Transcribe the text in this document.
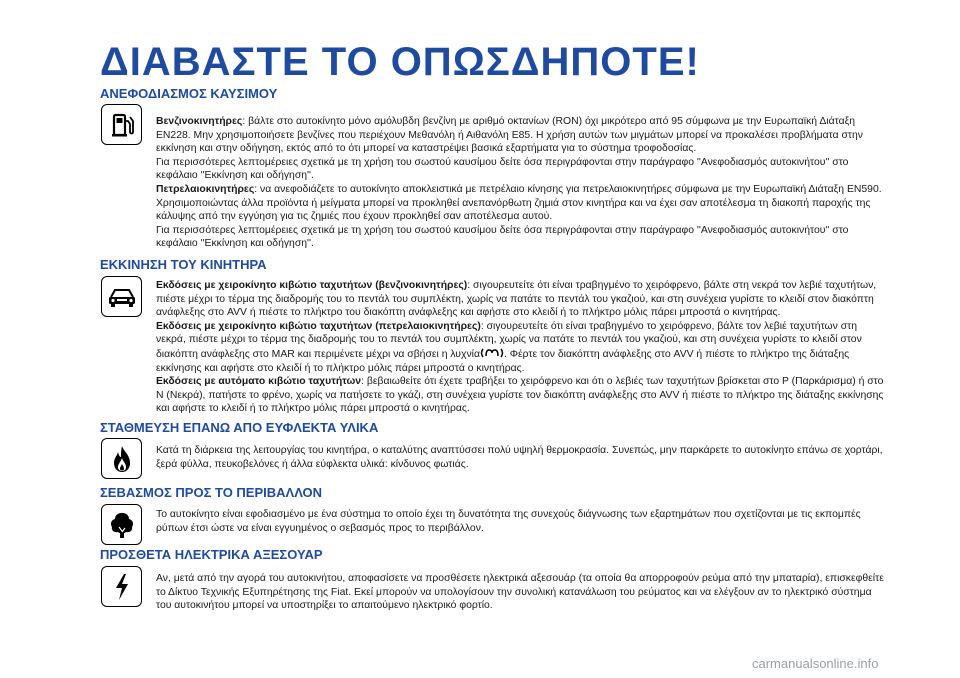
ΔΙΑΒΑΣΤΕ ΤΟ ΟΠΩΣΔΗΠΟΤΕ!
ΑΝΕΦΟΔΙΑΣΜΟΣ ΚΑΥΣΙΜΟΥ

Βενζινοκινητήρες: βάλτε στο αυτοκίνητο μόνο αμόλυβδη βενζίνη με αριθμό οκτανίων (RON) όχι μικρότερο από 95 σύμφωνα με την Ευρωπαϊκή Διάταξη EN228. Μην χρησιμοποιήσετε βενζίνες που περιέχουν Μεθανόλη ή Αιθανόλη E85. Η χρήση αυτών των μιγμάτων μπορεί να προκαλέσει προβλήματα στην εκκίνηση και στην οδήγηση, εκτός από το ότι μπορεί να καταστρέψει βασικά εξαρτήματα για το σύστημα τροφοδοσίας.

Για περισσότερες λεπτομέρειες σχετικά με τη χρήση του σωστού καυσίμου δείτε όσα περιγράφονται στην παράγραφο ''Ανεφοδιασμός αυτοκινήτου'' στο κεφάλαιο ''Εκκίνηση και οδήγηση''.

Πετρελαιοκινητήρες: να ανεφοδιάζετε το αυτοκίνητο αποκλειστικά με πετρέλαιο κίνησης για πετρελαιοκινητήρες σύμφωνα με την Ευρωπαϊκή Διάταξη EN590. Χρησιμοποιώντας άλλα προϊόντα ή μείγματα μπορεί να προκληθεί ανεπανόρθωτη ζημιά στον κινητήρα και να έχει σαν αποτέλεσμα τη διακοπή παροχής της κάλυψης από την εγγύηση για τις ζημιές που έχουν προκληθεί σαν αποτέλεσμα αυτού.

Για περισσότερες λεπτομέρειες σχετικά με τη χρήση του σωστού καυσίμου δείτε όσα περιγράφονται στην παράγραφο ''Ανεφοδιασμός αυτοκινήτου'' στο κεφάλαιο ''Εκκίνηση και οδήγηση''.

ΕΚΚΙΝΗΣΗ ΤΟΥ ΚΙΝΗΤΗΡΑ

Εκδόσεις με χειροκίνητο κιβώτιο ταχυτήτων (βενζινοκινητήρες): σιγουρευτείτε ότι είναι τραβηγμένο το χειρόφρενο, βάλτε στη νεκρά τον λεβιέ ταχυτήτων, πιέστε μέχρι το τέρμα της διαδρομής του το πεντάλ του συμπλέκτη, χωρίς να πατάτε το πεντάλ του γκαζιού, και στη συνέχεια γυρίστε το κλειδί στον διακόπτη ανάφλεξης στο AVV ή πιέστε το πλήκτρο του διακόπτη ανάφλεξης και αφήστε στο κλειδί ή το πλήκτρο μόλις πάρει μπροστά ο κινητήρας.

Εκδόσεις με χειροκίνητο κιβώτιο ταχυτήτων (πετρελαιοκινητήρες): σιγουρευτείτε ότι είναι τραβηγμένο το χειρόφρενο, βάλτε τον λεβιέ ταχυτήτων στη νεκρά, πιέστε μέχρι το τέρμα της διαδρομής του το πεντάλ του συμπλέκτη, χωρίς να πατάτε το πεντάλ του γκαζιού, και στη συνέχεια γυρίστε το κλειδί στον διακόπτη ανάφλεξης στο MAR και περιμένετε μέχρι να σβήσει η λυχνία . Φέρτε τον διακόπτη ανάφλεξης στο AVV ή πιέστε το πλήκτρο της διάταξης εκκίνησης και αφήστε στο κλειδί ή το πλήκτρο μόλις πάρει μπροστά ο κινητήρας.

Εκδόσεις με αυτόματο κιβώτιο ταχυτήτων: βεβαιωθείτε ότι έχετε τραβήξει το χειρόφρενο και ότι ο λεβιές των ταχυτήτων βρίσκεται στο P (Παρκάρισμα) ή στο N (Νεκρά), πατήστε το φρένο, χωρίς να πατήσετε το γκάζι, στη συνέχεια γυρίστε τον διακόπτη ανάφλεξης στο AVV ή πιέστε το πλήκτρο της διάταξης εκκίνησης και αφήστε το κλειδί ή το πλήκτρο μόλις πάρει μπροστά ο κινητήρας.

ΣΤΑΘΜΕΥΣΗ ΕΠΑΝΩ ΑΠΟ ΕΥΦΛΕΚΤΑ ΥΛΙΚΑ

Κατά τη διάρκεια της λειτουργίας του κινητήρα, ο καταλύτης αναπτύσσει πολύ υψηλή θερμοκρασία. Συνεπώς, μην παρκάρετε το αυτοκίνητο επάνω σε χορτάρι, ξερά φύλλα, πευκοβελόνες ή άλλα εύφλεκτα υλικά: κίνδυνος φωτιάς.

ΣΕΒΑΣΜΟΣ ΠΡΟΣ ΤΟ ΠΕΡΙΒΑΛΛΟΝ

Το αυτοκίνητο είναι εφοδιασμένο με ένα σύστημα το οποίο έχει τη δυνατότητα της συνεχούς διάγνωσης των εξαρτημάτων που σχετίζονται με τις εκπομπές ρύπων έτσι ώστε να είναι εγγυημένος ο σεβασμός προς το περιβάλλον.

ΠΡΟΣΘΕΤΑ ΗΛΕΚΤΡΙΚΑ ΑΞΕΣΟΥΑΡ

Αν, μετά από την αγορά του αυτοκινήτου, αποφασίσετε να προσθέσετε ηλεκτρικά αξεσουάρ (τα οποία θα απορροφούν ρεύμα από την μπαταρία), επισκεφθείτε το Δίκτυο Τεχνικής Εξυπηρέτησης της Fiat. Εκεί μπορούν να υπολογίσουν την συνολική κατανάλωση του ρεύματος και να ελέγξουν αν το ηλεκτρικό σύστημα του αυτοκινήτου μπορεί να υποστηρίξει το απαιτούμενο ηλεκτρικό φορτίο.

carmanualsonline.info
